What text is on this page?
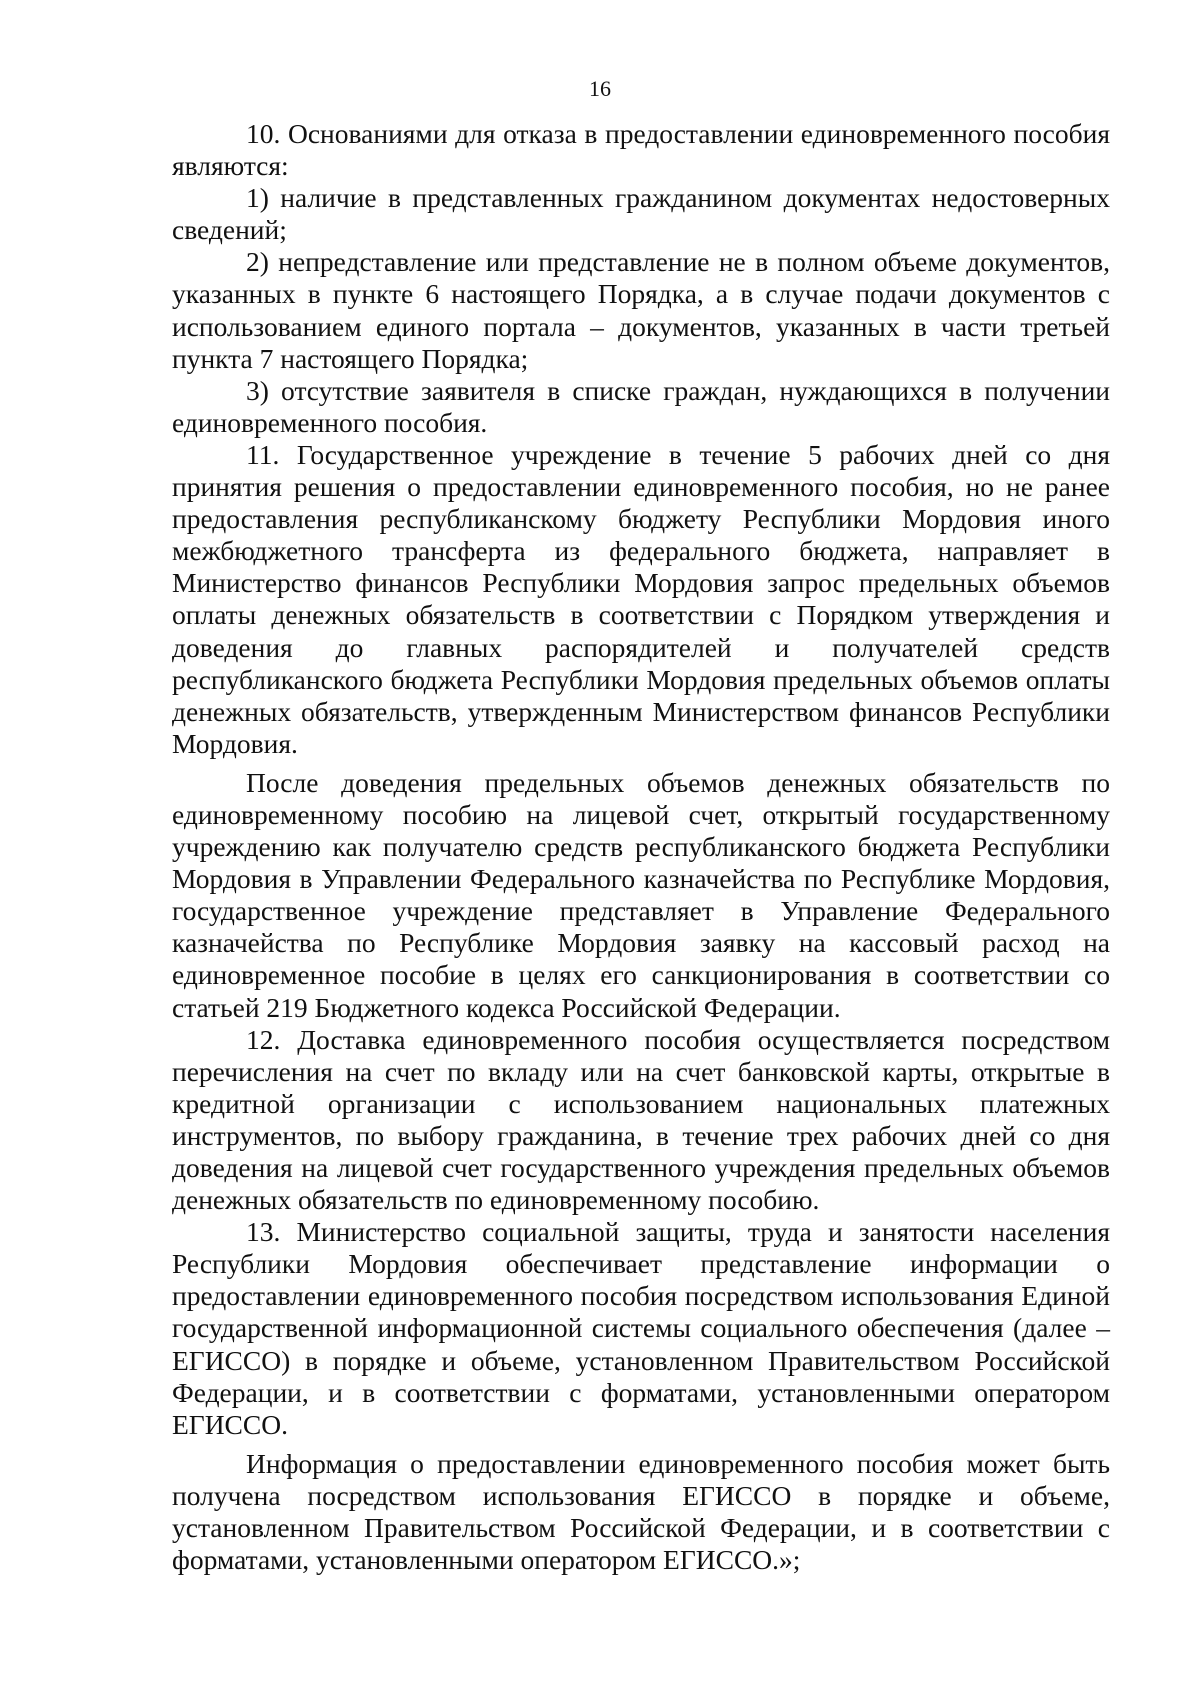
16

10. Основаниями для отказа в предоставлении единовременного пособия являются:

1) наличие в представленных гражданином документах недостоверных сведений;

2) непредставление или представление не в полном объеме документов, указанных в пункте 6 настоящего Порядка, а в случае подачи документов с использованием единого портала – документов, указанных в части третьей пункта 7 настоящего Порядка;

3) отсутствие заявителя в списке граждан, нуждающихся в получении единовременного пособия.

11. Государственное учреждение в течение 5 рабочих дней со дня принятия решения о предоставлении единовременного пособия, но не ранее предоставления республиканскому бюджету Республики Мордовия иного межбюджетного трансферта из федерального бюджета, направляет в Министерство финансов Республики Мордовия запрос предельных объемов оплаты денежных обязательств в соответствии с Порядком утверждения и доведения до главных распорядителей и получателей средств республиканского бюджета Республики Мордовия предельных объемов оплаты денежных обязательств, утвержденным Министерством финансов Республики Мордовия.

После доведения предельных объемов денежных обязательств по единовременному пособию на лицевой счет, открытый государственному учреждению как получателю средств республиканского бюджета Республики Мордовия в Управлении Федерального казначейства по Республике Мордовия, государственное учреждение представляет в Управление Федерального казначейства по Республике Мордовия заявку на кассовый расход на единовременное пособие в целях его санкционирования в соответствии со статьей 219 Бюджетного кодекса Российской Федерации.

12. Доставка единовременного пособия осуществляется посредством перечисления на счет по вкладу или на счет банковской карты, открытые в кредитной организации с использованием национальных платежных инструментов, по выбору гражданина, в течение трех рабочих дней со дня доведения на лицевой счет государственного учреждения предельных объемов денежных обязательств по единовременному пособию.

13. Министерство социальной защиты, труда и занятости населения Республики Мордовия обеспечивает представление информации о предоставлении единовременного пособия посредством использования Единой государственной информационной системы социального обеспечения (далее – ЕГИССО) в порядке и объеме, установленном Правительством Российской Федерации, и в соответствии с форматами, установленными оператором ЕГИССО.

Информация о предоставлении единовременного пособия может быть получена посредством использования ЕГИССО в порядке и объеме, установленном Правительством Российской Федерации, и в соответствии с форматами, установленными оператором ЕГИССО.»;
